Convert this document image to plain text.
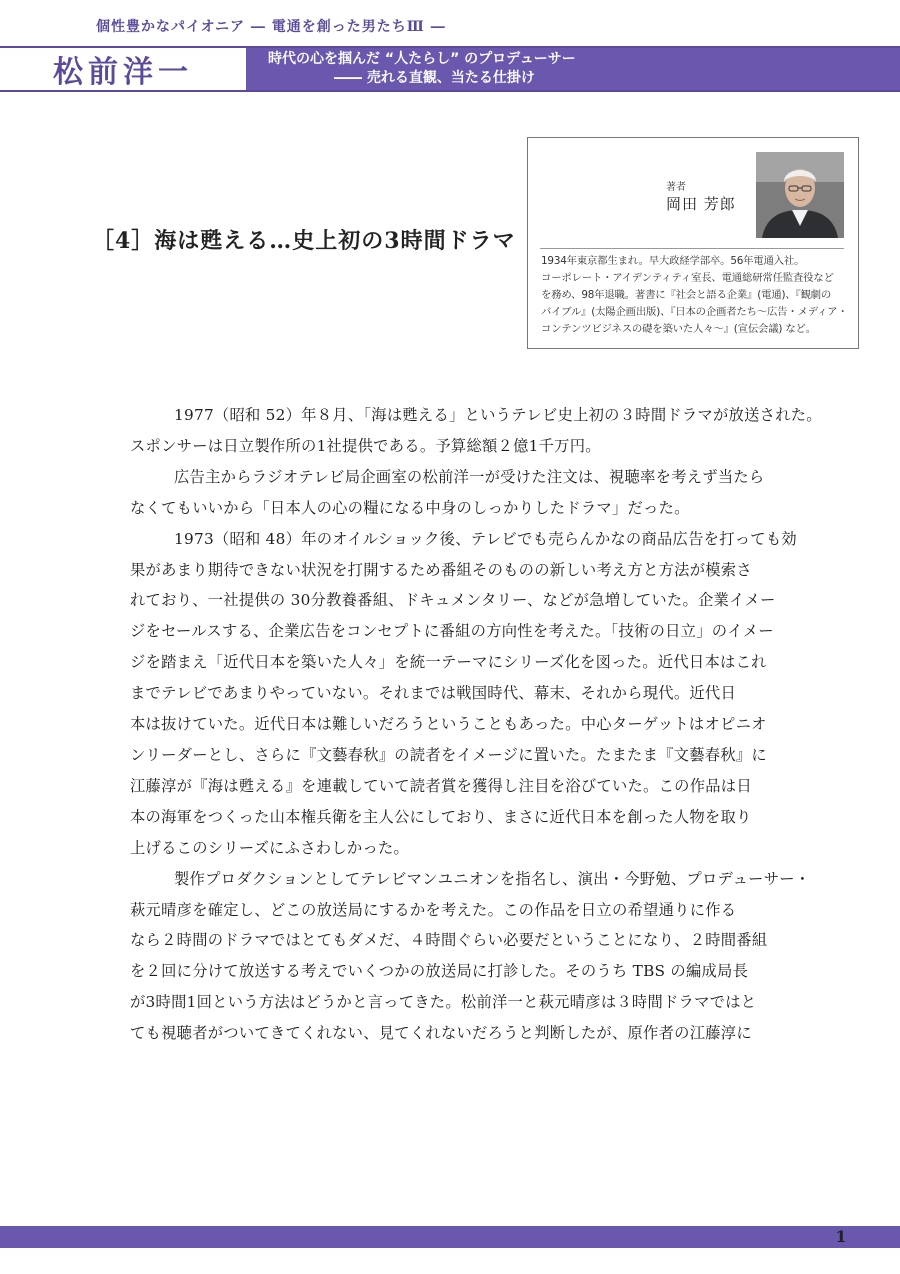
個性豊かなパイオニア ― 電通を創った男たちⅢ ―
松前洋一	時代の心を掴んだ “人たらし” のプロデューサー
―― 売れる直観、当たる仕掛け
［4］海は甦える…史上初の3時間ドラマ
著者
岡田 芳郎
1934年東京都生まれ。早大政経学部卒。56年電通入社。
コーポレート・アイデンティティ室長、電通総研常任監査役など
を務め、98年退職。著書に『社会と語る企業』(電通)、『観劇の
バイブル』(太陽企画出版)、『日本の企画者たち～広告・メディア・
コンテンツビジネスの礎を築いた人々～』(宣伝会議) など。
1977（昭和 52）年８月、「海は甦える」というテレビ史上初の３時間ドラマが放送された。
スポンサーは日立製作所の1社提供である。予算総額２億1千万円。
広告主からラジオテレビ局企画室の松前洋一が受けた注文は、視聴率を考えず当たら
なくてもいいから「日本人の心の糧になる中身のしっかりしたドラマ」だった。
1973（昭和 48）年のオイルショック後、テレビでも売らんかなの商品広告を打っても効
果があまり期待できない状況を打開するため番組そのものの新しい考え方と方法が模索さ
れており、一社提供の 30分教養番組、ドキュメンタリー、などが急増していた。企業イメー
ジをセールスする、企業広告をコンセプトに番組の方向性を考えた。「技術の日立」のイメー
ジを踏まえ「近代日本を築いた人々」を統一テーマにシリーズ化を図った。近代日本はこれ
までテレビであまりやっていない。それまでは戦国時代、幕末、それから現代。近代日
本は抜けていた。近代日本は難しいだろうということもあった。中心ターゲットはオピニオ
ンリーダーとし、さらに『文藝春秋』の読者をイメージに置いた。たまたま『文藝春秋』に
江藤淳が『海は甦える』を連載していて読者賞を獲得し注目を浴びていた。この作品は日
本の海軍をつくった山本権兵衛を主人公にしており、まさに近代日本を創った人物を取り
上げるこのシリーズにふさわしかった。
製作プロダクションとしてテレビマンユニオンを指名し、演出・今野勉、プロデューサー・
萩元晴彦を確定し、どこの放送局にするかを考えた。この作品を日立の希望通りに作る
なら２時間のドラマではとてもダメだ、４時間ぐらい必要だということになり、２時間番組
を２回に分けて放送する考えでいくつかの放送局に打診した。そのうち TBS の編成局長
が3時間1回という方法はどうかと言ってきた。松前洋一と萩元晴彦は３時間ドラマではと
ても視聴者がついてきてくれない、見てくれないだろうと判断したが、原作者の江藤淳に
1
